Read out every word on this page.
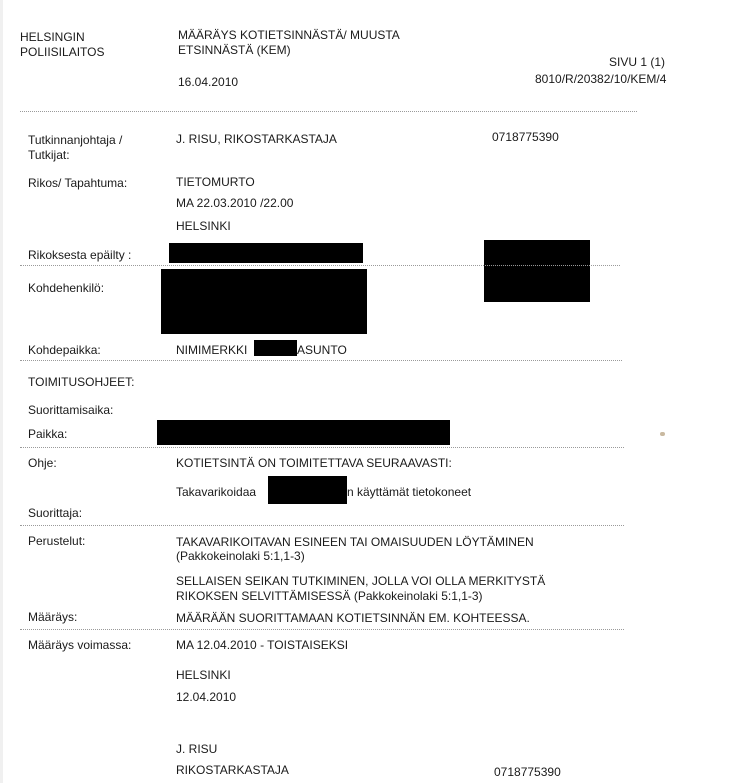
HELSINGIN
POLIISILAITOS
MÄÄRÄYS KOTIETSINNÄSTÄ/ MUUSTA
ETSINNÄSTÄ (KEM)
SIVU 1 (1)
16.04.2010	8010/R/20382/10/KEM/4
Tutkinnanjohtaja /
Tutkijat:
J. RISU, RIKOSTARKASTAJA	0718775390
Rikos/ Tapahtuma:	TIETOMURTO
MA 22.03.2010 /22.00
HELSINKI
Rikoksesta epäilty :
Kohdehenkilö:
Kohdepaikka:	NIMIMERKKI	ASUNTO
TOIMITUSOHJEET:
Suorittamisaika:
Paikka:
Ohje:	KOTIETSINTÄ ON TOIMITETTAVA SEURAAVASTI:
Takavarikoidaa	n käyttämät tietokoneet
Suorittaja:
Perustelut:	TAKAVARIKOITAVAN ESINEEN TAI OMAISUUDEN LÖYTÄMINEN
(Pakkokeinolaki 5:1,1-3)
SELLAISEN SEIKAN TUTKIMINEN, JOLLA VOI OLLA MERKITYSTÄ
RIKOKSEN SELVITTÄMISESSÄ (Pakkokeinolaki 5:1,1-3)
Määräys:	MÄÄRÄÄN SUORITTAMAAN KOTIETSINNÄN EM. KOHTEESSA.
Määräys voimassa:	MA 12.04.2010 - TOISTAISEKSI
HELSINKI
12.04.2010
J. RISU
RIKOSTARKASTAJA	0718775390
